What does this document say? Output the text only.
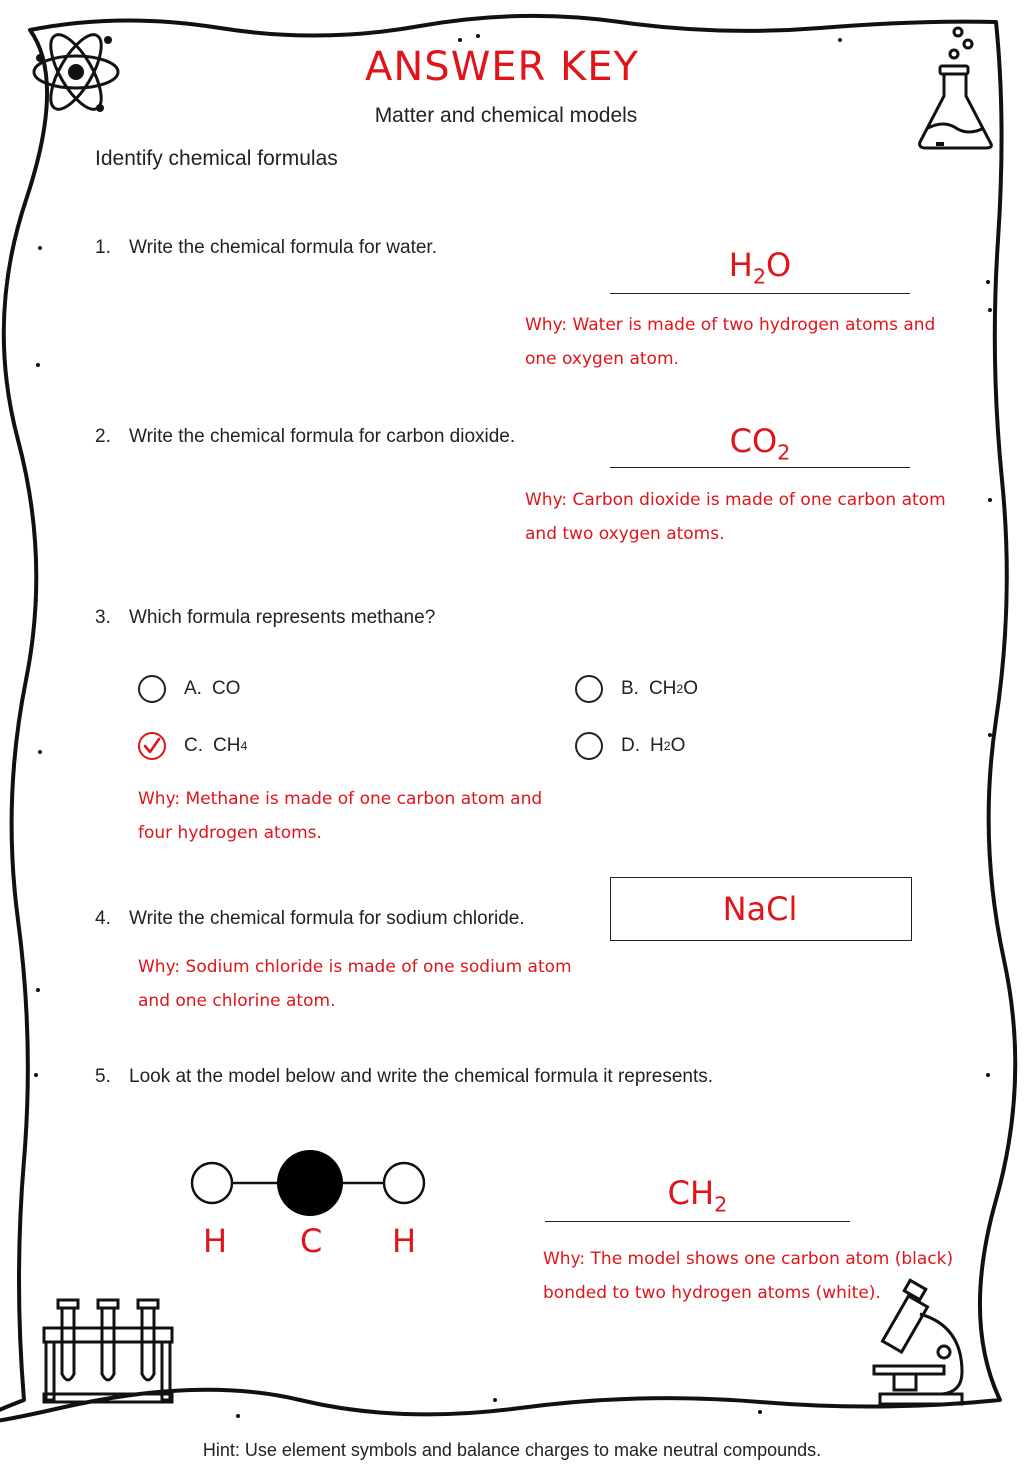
ANSWER KEY
Matter and chemical models
Identify chemical formulas
1. Write the chemical formula for water.	$H_2O$
Why: Water is made of two hydrogen atoms and
one oxygen atom.
2. Write the chemical formula for carbon dioxide.	$CO_2$
Why: Carbon dioxide is made of one carbon atom
and two oxygen atoms.
3. Which formula represents methane?
A. CO	B. CH 2 O
C. CH 4	D. H 2 O
Why: Methane is made of one carbon atom and
four hydrogen atoms.
4. Write the chemical formula for sodium chloride.	NaCl
Why: Sodium chloride is made of one sodium atom
and one chlorine atom.
5. Look at the model below and write the chemical formula it represents.
H C H
$CH_2$
Why: The model shows one carbon atom (black)
bonded to two hydrogen atoms (white).
Hint: Use element symbols and balance charges to make neutral compounds.
